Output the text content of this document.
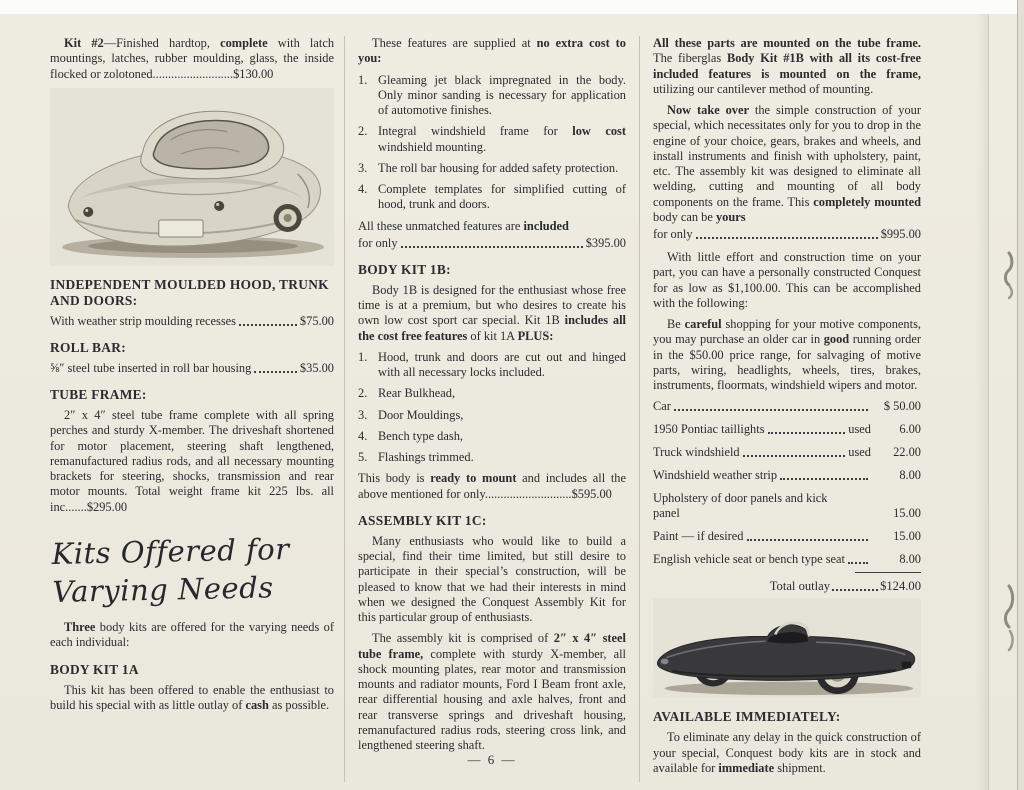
Kit #2—Finished hardtop, complete with latch mountings, latches, rubber moulding, glass, the inside flocked or zolotoned..........................$130.00

INDEPENDENT MOULDED HOOD, TRUNK AND DOORS:
With weather strip moulding recesses	$75.00
ROLL BAR:
⅝″ steel tube inserted in roll bar housing	$35.00
TUBE FRAME:

2″ x 4″ steel tube frame complete with all spring perches and sturdy X-member. The driveshaft shortened for motor placement, steering shaft lengthened, remanufactured radius rods, and all necessary mounting brackets for steering, shocks, transmission and rear motor mounts. Total weight frame kit 225 lbs. all inc.......$295.00

Kits Offered for
Varying Needs

Three body kits are offered for the varying needs of each individual:

BODY KIT 1A

This kit has been offered to enable the enthusiast to build his special with as little outlay of cash as possible.

These features are supplied at no extra cost to you:

1. Gleaming jet black impregnated in the body. Only minor sanding is necessary for application of automotive finishes.
2. Integral windshield frame for low cost windshield mounting.
3. The roll bar housing for added safety protection.
4. Complete templates for simplified cutting of hood, trunk and doors.

All these unmatched features are included

for only	$395.00
BODY KIT 1B:

Body 1B is designed for the enthusiast whose free time is at a premium, but who desires to create his own low cost sport car special. Kit 1B includes all the cost free features of kit 1A PLUS:

1. Hood, trunk and doors are cut out and hinged with all necessary locks included.
2. Rear Bulkhead,
3. Door Mouldings,
4. Bench type dash,
5. Flashings trimmed.

This body is ready to mount and includes all the above mentioned for only............................$595.00

ASSEMBLY KIT 1C:

Many enthusiasts who would like to build a special, find their time limited, but still desire to participate in their special’s construction, will be pleased to know that we had their interests in mind when we designed the Conquest Assembly Kit for this particular group of enthusiasts.

The assembly kit is comprised of 2″ x 4″ steel tube frame, complete with sturdy X-member, all shock mounting plates, rear motor and transmission mounts and radiator mounts, Ford I Beam front axle, rear differential housing and axle halves, front and rear transverse springs and driveshaft housing, remanufactured radius rods, steering cross link, and lengthened steering shaft.

All these parts are mounted on the tube frame. The fiberglas Body Kit #1B with all its cost-free included features is mounted on the frame, utilizing our cantilever method of mounting.

Now take over the simple construction of your special, which necessitates only for you to drop in the engine of your choice, gears, brakes and wheels, and install instruments and finish with upholstery, paint, etc. The assembly kit was designed to eliminate all welding, cutting and mounting of all body components on the frame. This completely mounted body can be yours

for only	$995.00

With little effort and construction time on your part, you can have a personally constructed Conquest for as low as $1,100.00. This can be accomplished with the following:

Be careful shopping for your motive components, you may purchase an older car in good running order in the $50.00 price range, for salvaging of motive parts, wiring, headlights, wheels, tires, brakes, instruments, floormats, windshield wipers and motor.

Car	$ 50.00
1950 Pontiac taillights	used	6.00
Truck windshield	used	22.00
Windshield weather strip	8.00
Upholstery of door panels and kick panel	15.00
Paint — if desired	15.00
English vehicle seat or bench type seat	8.00
Total outlay	$124.00
AVAILABLE IMMEDIATELY:

To eliminate any delay in the quick construction of your special, Conquest body kits are in stock and available for immediate shipment.

— 6 —
